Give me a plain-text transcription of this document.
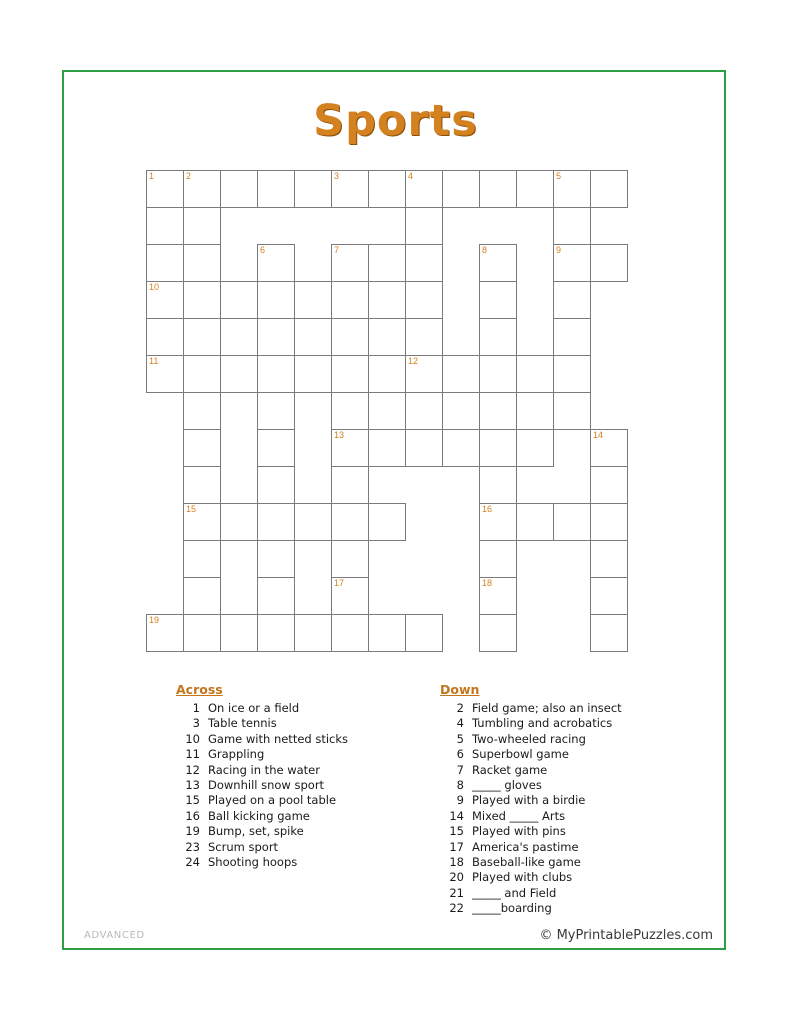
Sports
1	2	3	4	5
6	7	8	9
10
11	12
13	14
15	16
17	18
19
Across
1 On ice or a field
3 Table tennis
10 Game with netted sticks
11 Grappling
12 Racing in the water
13 Downhill snow sport
15 Played on a pool table
16 Ball kicking game
19 Bump, set, spike
23 Scrum sport
24 Shooting hoops
Down
2 Field game; also an insect
4 Tumbling and acrobatics
5 Two-wheeled racing
6 Superbowl game
7 Racket game
8 _____ gloves
9 Played with a birdie
14 Mixed _____ Arts
15 Played with pins
17 America's pastime
18 Baseball-like game
20 Played with clubs
21 _____ and Field
22 _____boarding
ADVANCED	© MyPrintablePuzzles.com
